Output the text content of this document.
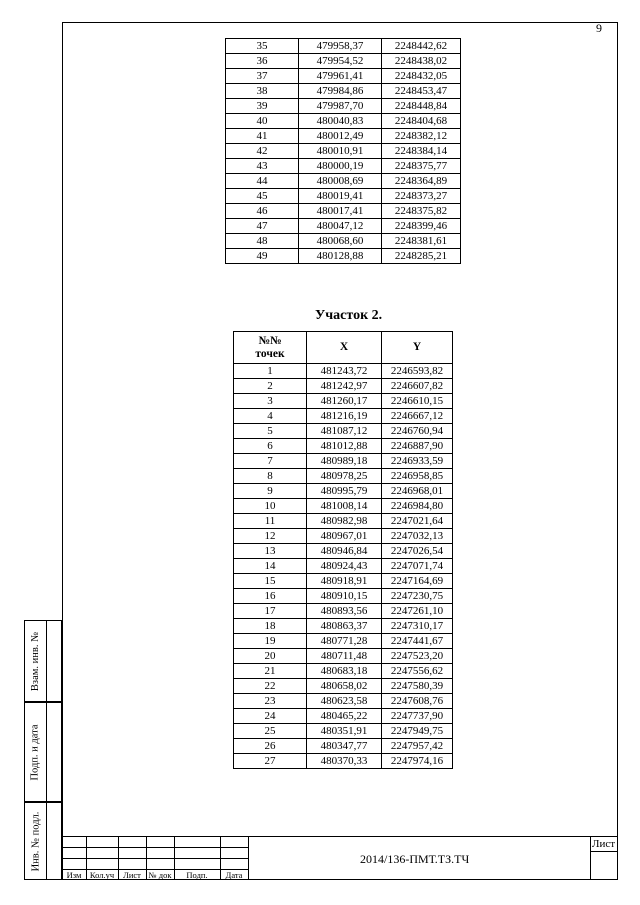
9
35	479958,37	2248442,62
36	479954,52	2248438,02
37	479961,41	2248432,05
38	479984,86	2248453,47
39	479987,70	2248448,84
40	480040,83	2248404,68
41	480012,49	2248382,12
42	480010,91	2248384,14
43	480000,19	2248375,77
44	480008,69	2248364,89
45	480019,41	2248373,27
46	480017,41	2248375,82
47	480047,12	2248399,46
48	480068,60	2248381,61
49	480128,88	2248285,21
Участок 2.
№№
точек	X	Y
1	481243,72	2246593,82
2	481242,97	2246607,82
3	481260,17	2246610,15
4	481216,19	2246667,12
5	481087,12	2246760,94
6	481012,88	2246887,90
7	480989,18	2246933,59
8	480978,25	2246958,85
9	480995,79	2246968,01
10	481008,14	2246984,80
11	480982,98	2247021,64
12	480967,01	2247032,13
13	480946,84	2247026,54
14	480924,43	2247071,74
15	480918,91	2247164,69
16	480910,15	2247230,75
17	480893,56	2247261,10
18	480863,37	2247310,17
19	480771,28	2247441,67
20	480711,48	2247523,20
21	480683,18	2247556,62
22	480658,02	2247580,39
23	480623,58	2247608,76
24	480465,22	2247737,90
25	480351,91	2247949,75
26	480347,77	2247957,42
27	480370,33	2247974,16
Взам. инв. №
Подп. и дата
Инв. № подл.
Изм Кол.уч	Лист № док	Подп.	Дата
2014/136-ПМТ.ТЗ.ТЧ
Лист
